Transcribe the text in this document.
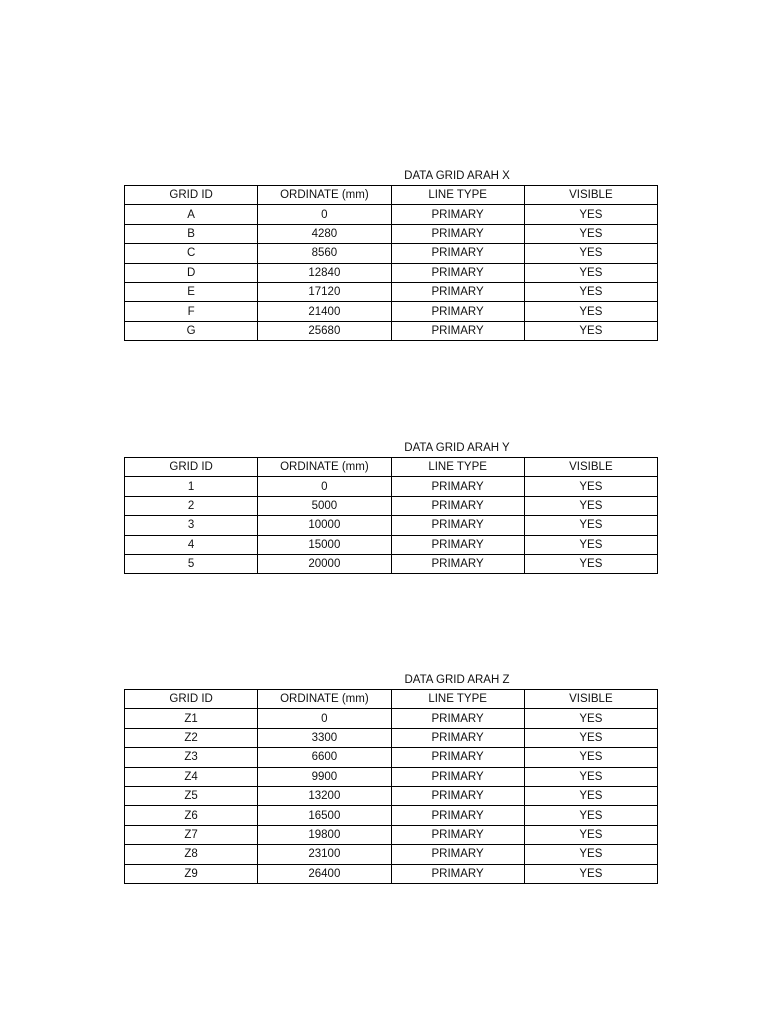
DATA GRID ARAH X
GRID ID	ORDINATE (mm)	LINE TYPE	VISIBLE
A	0	PRIMARY	YES
B	4280	PRIMARY	YES
C	8560	PRIMARY	YES
D	12840	PRIMARY	YES
E	17120	PRIMARY	YES
F	21400	PRIMARY	YES
G	25680	PRIMARY	YES
DATA GRID ARAH Y
GRID ID	ORDINATE (mm)	LINE TYPE	VISIBLE
1	0	PRIMARY	YES
2	5000	PRIMARY	YES
3	10000	PRIMARY	YES
4	15000	PRIMARY	YES
5	20000	PRIMARY	YES
DATA GRID ARAH Z
GRID ID	ORDINATE (mm)	LINE TYPE	VISIBLE
Z1	0	PRIMARY	YES
Z2	3300	PRIMARY	YES
Z3	6600	PRIMARY	YES
Z4	9900	PRIMARY	YES
Z5	13200	PRIMARY	YES
Z6	16500	PRIMARY	YES
Z7	19800	PRIMARY	YES
Z8	23100	PRIMARY	YES
Z9	26400	PRIMARY	YES
